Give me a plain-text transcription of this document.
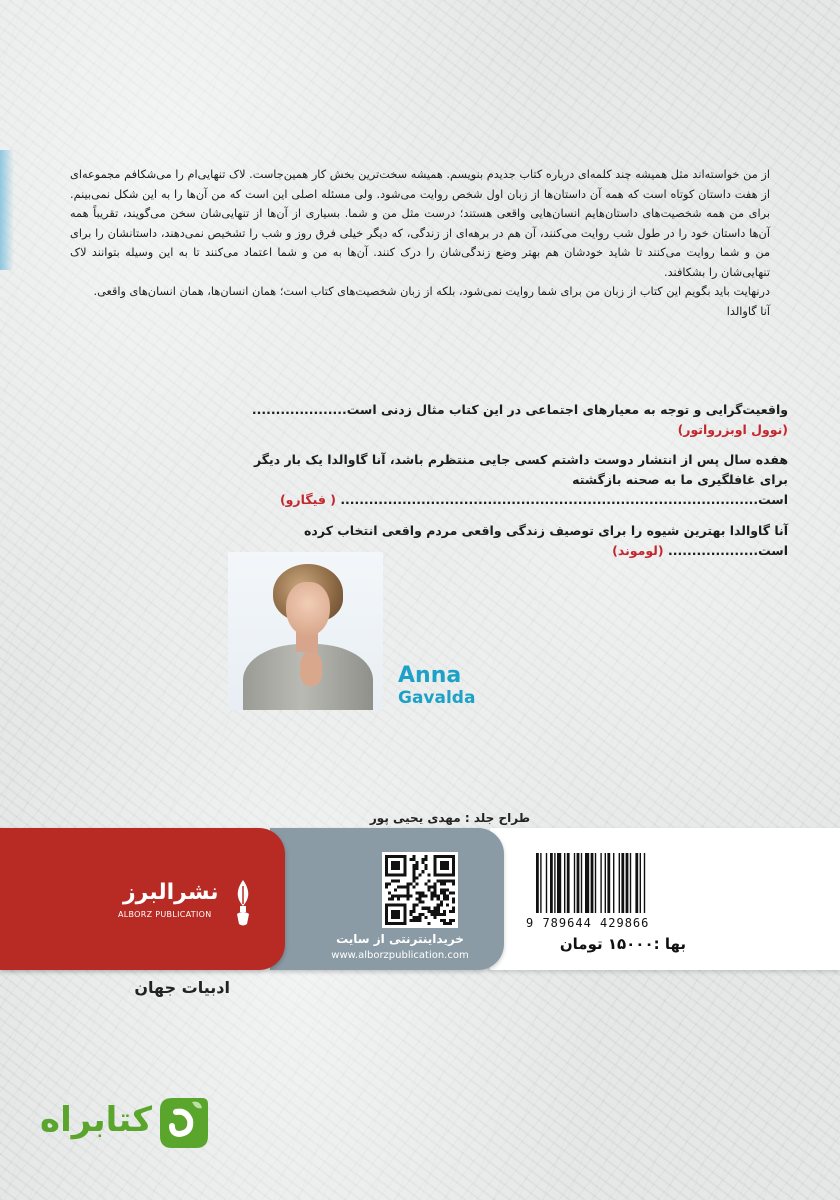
از من خواسته‌اند مثل همیشه چند کلمه‌ای درباره کتاب جدیدم بنویسم. همیشه سخت‌ترین بخش کار همین‌جاست. لاک تنهایی‌ام را می‌شکافم مجموعه‌ای از هفت داستان کوتاه است که همه آن داستان‌ها از زبان اول شخص روایت می‌شود. ولی مسئله اصلی این است که من آن‌ها را به این شکل نمی‌بینم. برای من همه شخصیت‌های داستان‌هایم انسان‌هایی واقعی هستند؛ درست مثل من و شما. بسیاری از آن‌ها از تنهایی‌شان سخن می‌گویند، تقریباً همه آن‌ها داستان خود را در طول شب روایت می‌کنند، آن هم در برهه‌ای از زندگی، که دیگر خیلی فرق روز و شب را تشخیص نمی‌دهند، داستانشان را برای من و شما روایت می‌کنند تا شاید خودشان هم بهتر وضع زندگی‌شان را درک کنند. آن‌ها به من و شما اعتماد می‌کنند تا به این وسیله بتوانند لاک تنهایی‌شان را بشکافند.

درنهایت باید بگویم این کتاب از زبان من برای شما روایت نمی‌شود، بلکه از زبان شخصیت‌های کتاب است؛ همان انسان‌ها، همان انسان‌های واقعی.

آنا گاوالدا

واقعیت‌گرایی و توجه به معیارهای اجتماعی در این کتاب مثال زدنی است.................... (نوول اوبزرواتور)
هفده سال پس از انتشار دوست داشتم کسی جایی منتظرم باشد، آنا گاوالدا یک بار دیگر برای غافلگیری ما به صحنه بازگشته است........................................................................................ ( فیگارو)
آنا گاوالدا بهترین شیوه را برای توصیف زندگی واقعی مردم واقعی انتخاب کرده است................... (لوموند)
Anna
Gavalda
طراح جلد : مهدی یحیی پور
9 789644 429866
بها :۱۵۰۰۰ تومان
خریداینترنتی از سایت
www.alborzpublication.com
نشرالبرز
ALBORZ PUBLICATION
ادبیات جهان
کتابراه
